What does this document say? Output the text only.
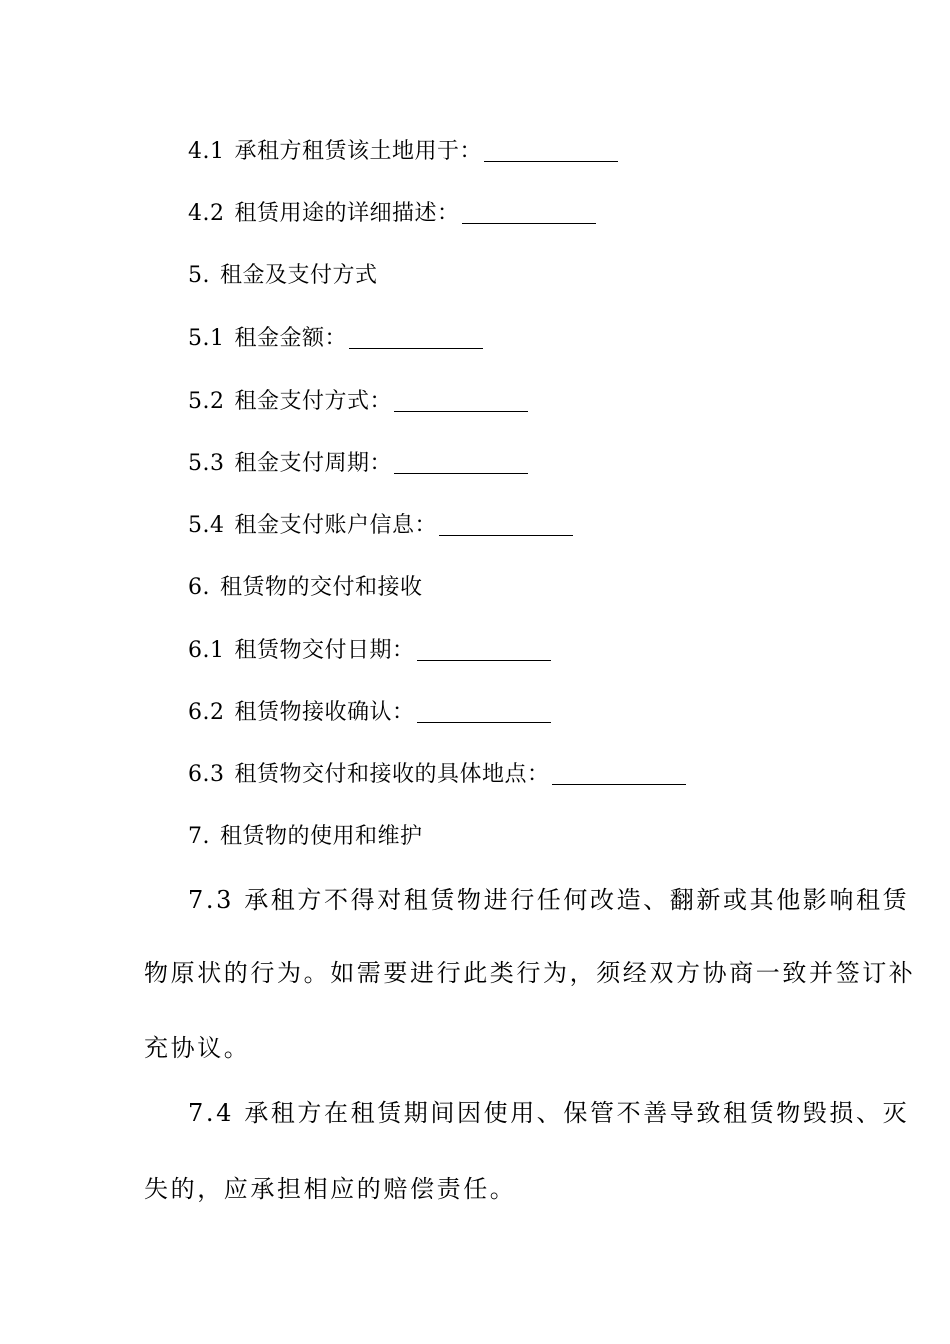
4.1 承租方租赁该土地用于：
4.2 租赁用途的详细描述：
5. 租金及支付方式
5.1 租金金额：
5.2 租金支付方式：
5.3 租金支付周期：
5.4 租金支付账户信息：
6. 租赁物的交付和接收
6.1 租赁物交付日期：
6.2 租赁物接收确认：
6.3 租赁物交付和接收的具体地点：
7. 租赁物的使用和维护
7.3 承租方不得对租赁物进行任何改造、翻新或其他影响租赁
物原状的行为。如需要进行此类行为，须经双方协商一致并签订补
充协议。
7.4 承租方在租赁期间因使用、保管不善导致租赁物毁损、灭
失的，应承担相应的赔偿责任。
